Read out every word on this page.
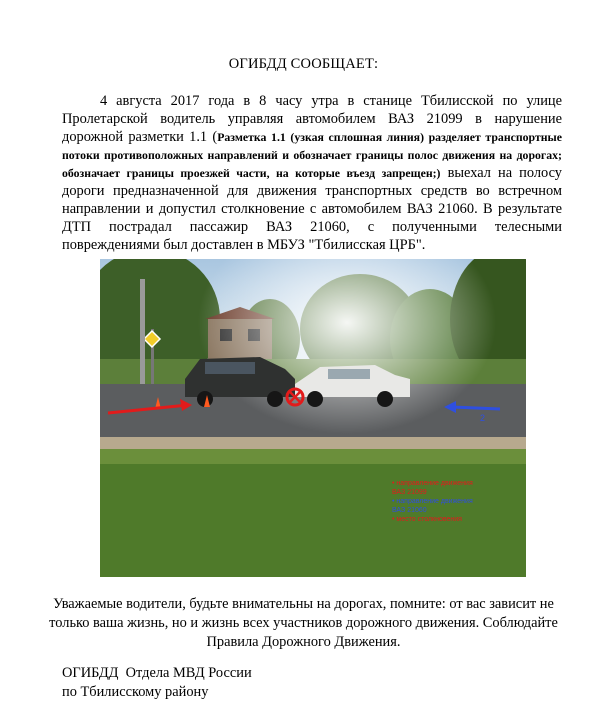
ОГИБДД СООБЩАЕТ:
4 августа 2017 года в 8 часу утра в станице Тбилисской по улице Пролетарской водитель управляя автомобилем ВАЗ 21099 в нарушение дорожной разметки 1.1 (Разметка 1.1 (узкая сплошная линия) разделяет транспортные потоки противоположных направлений и обозначает границы полос движения на дорогах; обозначает границы проезжей части, на которые въезд запрещен;) выехал на полосу дороги предназначенной для движения транспортных средств во встречном направлении и допустил столкновение с автомобилем ВАЗ 21060. В результате ДТП пострадал пассажир ВАЗ 21060, с полученными телесными повреждениями был доставлен в МБУЗ "Тбилисская ЦРБ".
2
• направление движения
ВАЗ 21099
• направление движения
ВАЗ 21060
• место столкновения
Уважаемые водители, будьте внимательны на дорогах, помните: от вас зависит не только ваша жизнь, но и жизнь всех участников дорожного движения. Соблюдайте Правила Дорожного Движения.
ОГИБДД  Отдела МВД России
по Тбилисскому району
